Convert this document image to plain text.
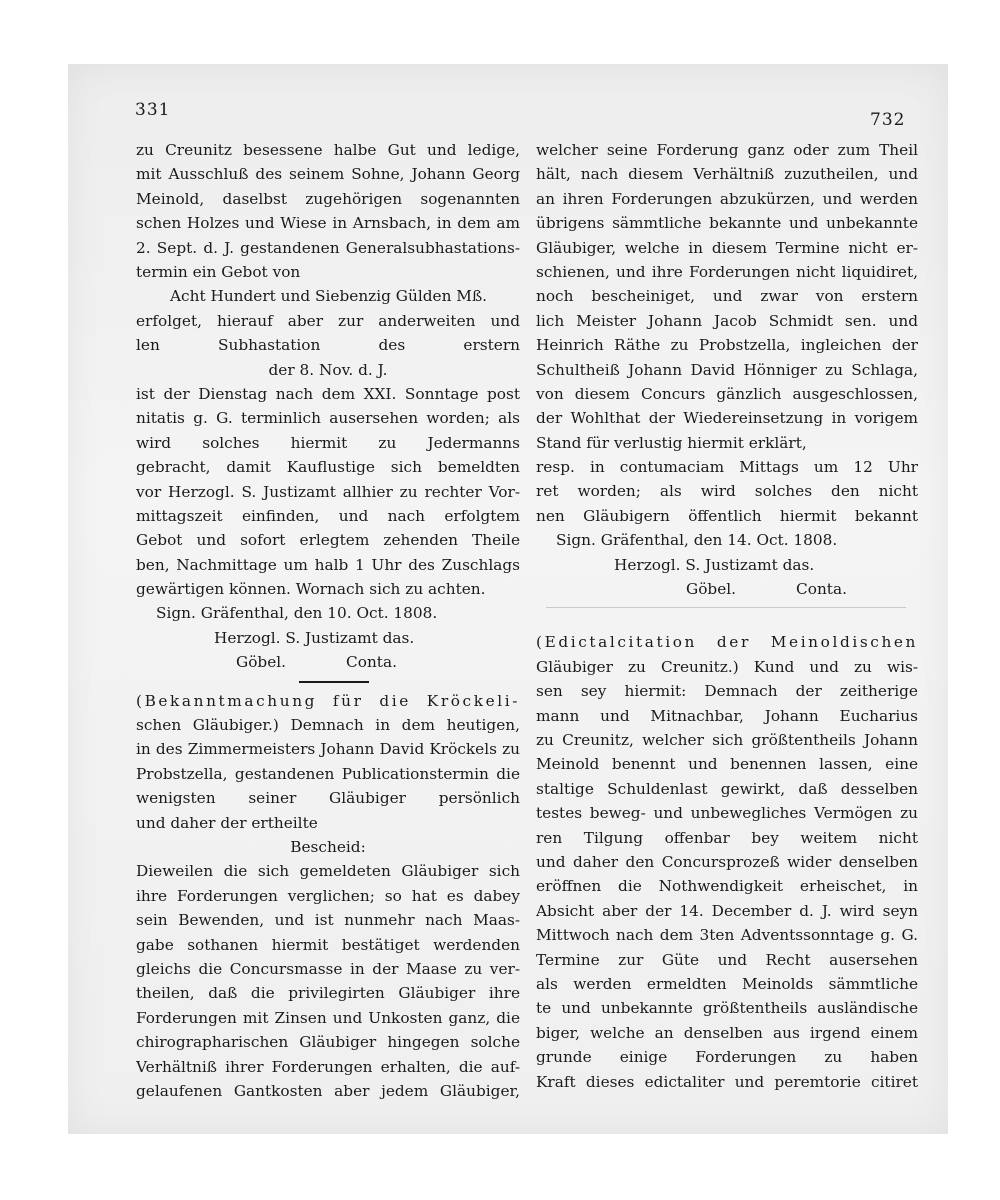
331	732
zu Creunitz besessene halbe Gut und ledige,
mit Ausschluß des seinem Sohne, Johann Georg
Meinold, daselbst zugehörigen sogenannten
schen Holzes und Wiese in Arnsbach, in dem am
2. Sept. d. J. gestandenen Generalsubhastations-
termin ein Gebot von
Acht Hundert und Siebenzig Gülden Mß.
erfolget, hierauf aber zur anderweiten und
len Subhastation des erstern
der 8. Nov. d. J.
ist der Dienstag nach dem XXI. Sonntage post
nitatis g. G. terminlich ausersehen worden; als
wird solches hiermit zu Jedermanns
gebracht, damit Kauflustige sich bemeldten
vor Herzogl. S. Justizamt allhier zu rechter Vor-
mittagszeit einfinden, und nach erfolgtem
Gebot und sofort erlegtem zehenden Theile
ben, Nachmittage um halb 1 Uhr des Zuschlags
gewärtigen können. Wornach sich zu achten.
Sign. Gräfenthal, den 10. Oct. 1808.
Herzogl. S. Justizamt das.
Göbel.	Conta.
(Bekanntmachung für die Kröckeli-
schen Gläubiger.) Demnach in dem heutigen,
in des Zimmermeisters Johann David Kröckels zu
Probstzella, gestandenen Publicationstermin die
wenigsten seiner Gläubiger persönlich
und daher der ertheilte
Bescheid:
Dieweilen die sich gemeldeten Gläubiger sich
ihre Forderungen verglichen; so hat es dabey
sein Bewenden, und ist nunmehr nach Maas-
gabe sothanen hiermit bestätiget werdenden
gleichs die Concursmasse in der Maase zu ver-
theilen, daß die privilegirten Gläubiger ihre
Forderungen mit Zinsen und Unkosten ganz, die
chirographarischen Gläubiger hingegen solche
Verhältniß ihrer Forderungen erhalten, die auf-
gelaufenen Gantkosten aber jedem Gläubiger,
welcher seine Forderung ganz oder zum Theil
hält, nach diesem Verhältniß zuzutheilen, und
an ihren Forderungen abzukürzen, und werden
übrigens sämmtliche bekannte und unbekannte
Gläubiger, welche in diesem Termine nicht er-
schienen, und ihre Forderungen nicht liquidiret,
noch bescheiniget, und zwar von erstern
lich Meister Johann Jacob Schmidt sen. und
Heinrich Räthe zu Probstzella, ingleichen der
Schultheiß Johann David Hönniger zu Schlaga,
von diesem Concurs gänzlich ausgeschlossen,
der Wohlthat der Wiedereinsetzung in vorigem
Stand für verlustig hiermit erklärt,
resp. in contumaciam Mittags um 12 Uhr
ret worden; als wird solches den nicht
nen Gläubigern öffentlich hiermit bekannt
Sign. Gräfenthal, den 14. Oct. 1808.
Herzogl. S. Justizamt das.
Göbel.	Conta.
(Edictalcitation der Meinoldischen
Gläubiger zu Creunitz.) Kund und zu wis-
sen sey hiermit: Demnach der zeitherige
mann und Mitnachbar, Johann Eucharius
zu Creunitz, welcher sich größtentheils Johann
Meinold benennt und benennen lassen, eine
staltige Schuldenlast gewirkt, daß desselben
testes beweg- und unbewegliches Vermögen zu
ren Tilgung offenbar bey weitem nicht
und daher den Concursprozeß wider denselben
eröffnen die Nothwendigkeit erheischet, in
Absicht aber der 14. December d. J. wird seyn
Mittwoch nach dem 3ten Adventssonntage g. G.
Termine zur Güte und Recht ausersehen
als werden ermeldten Meinolds sämmtliche
te und unbekannte größtentheils ausländische
biger, welche an denselben aus irgend einem
grunde einige Forderungen zu haben
Kraft dieses edictaliter und peremtorie citiret
